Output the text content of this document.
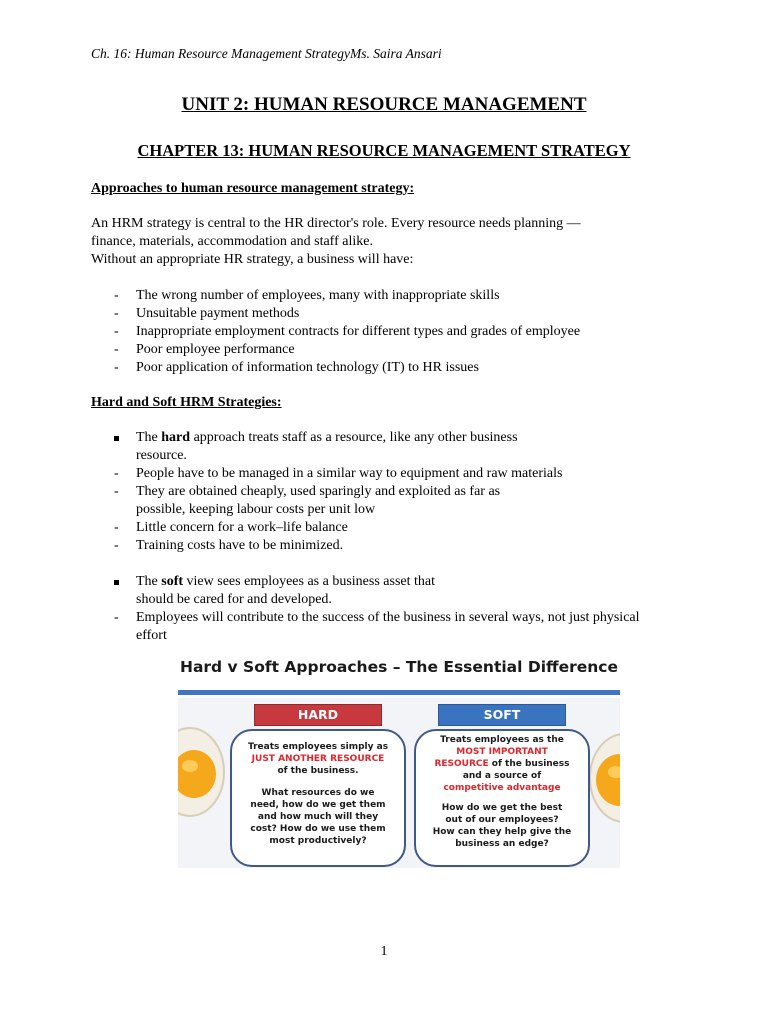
Ch. 16: Human Resource Management StrategyMs. Saira Ansari
UNIT 2: HUMAN RESOURCE MANAGEMENT
CHAPTER 13: HUMAN RESOURCE MANAGEMENT STRATEGY
Approaches to human resource management strategy:
An HRM strategy is central to the HR director's role. Every resource needs planning —
finance, materials, accommodation and staff alike.
Without an appropriate HR strategy, a business will have:
- The wrong number of employees, many with inappropriate skills
- Unsuitable payment methods
- Inappropriate employment contracts for different types and grades of employee
- Poor employee performance
- Poor application of information technology (IT) to HR issues
Hard and Soft HRM Strategies:
The hard approach treats staff as a resource, like any other business
resource.
- People have to be managed in a similar way to equipment and raw materials
- They are obtained cheaply, used sparingly and exploited as far as
possible, keeping labour costs per unit low
- Little concern for a work–life balance
- Training costs have to be minimized.
The soft view sees employees as a business asset that
should be cared for and developed.
- Employees will contribute to the success of the business in several ways, not just physical
effort
Hard v Soft Approaches – The Essential Difference
HARD	SOFT

Treats employees simply as

JUST ANOTHER RESOURCE

of the business.

What resources do we

need, how do we get them

and how much will they

cost? How do we use them

most productively?

Treats employees as the

MOST IMPORTANT

RESOURCE of the business

and a source of

competitive advantage

How do we get the best

out of our employees?

How can they help give the

business an edge?

1
